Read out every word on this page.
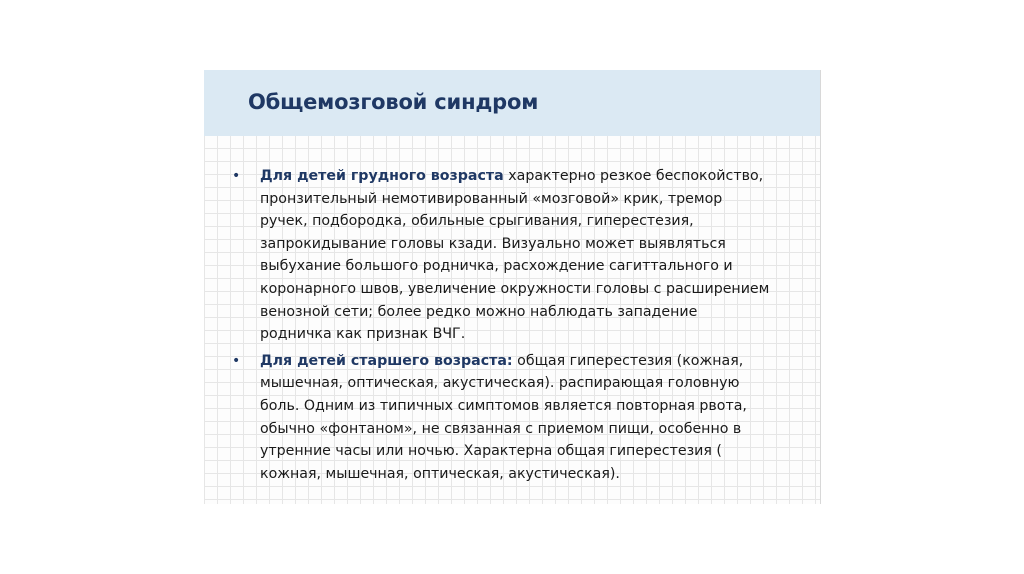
Общемозговой синдром
•	Для детей грудного возраста характерно резкое беспокойство,
пронзительный немотивированный «мозговой» крик, тремор
ручек, подбородка, обильные срыгивания, гиперестезия,
запрокидывание головы кзади. Визуально может выявляться
выбухание большого родничка, расхождение сагиттального и
коронарного швов, увеличение окружности головы с расширением
венозной сети; более редко можно наблюдать западение
родничка как признак ВЧГ.
•	Для детей старшего возраста: общая гиперестезия (кожная,
мышечная, оптическая, акустическая). распирающая головную
боль. Одним из типичных симптомов является повторная рвота,
обычно «фонтаном», не связанная с приемом пищи, особенно в
утренние часы или ночью. Характерна общая гиперестезия (
кожная, мышечная, оптическая, акустическая).
